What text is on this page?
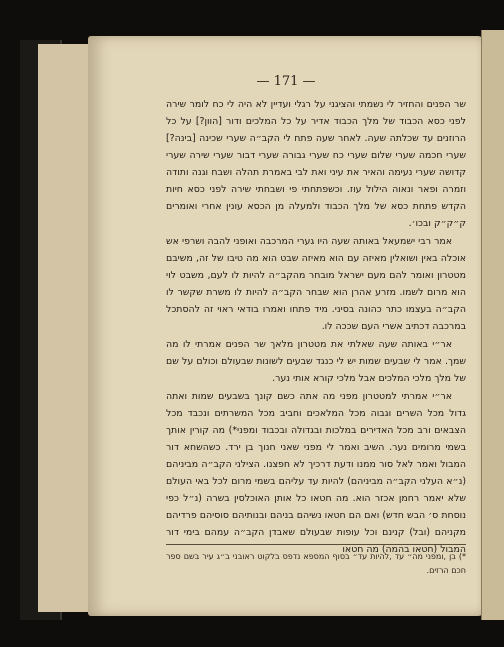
— 171 —

שר הפנים והחזיר לי נשמתי והציגני על רגלי ועדיין לא היה לי כח לומר שירה לפני כסא הכבוד של מלך הכבוד אדיר על כל המלכים ודור [הוון?] על כל הרוזנים עד שכלתה שעה. לאחר שעה פתח לי הקב״ה שערי שכינה [בינה?] שערי חכמה שערי שלום שערי כח שערי גבורה שערי דבור שערי שירה שערי קדושה שערי נעימה והאיר את עיני ואת לבי באמרת תהלה ושבח וגנה ותודה וזמרה ופאר ונאוה הילול עוז. וכשפתחתי פי ושבחתי שירה לפני כסא חיות הקדש פתחת כסא של מלך הכבוד ולמעלה מן הכסא עונין אחרי ואומרים ק״ק״ק ובכו׳.

אמר רבי ישמעאל באותה שעה היו גערי המרכבה ואופני להבה ושרפי אש אוכלה באין ושואלין מאיזה עם הוא מאיזה שבט הוא מה טיבו של זה, משיבם מטטרון ואומר להם מעם ישראל מובחר מהקב״ה להיות לו לעם, משבט לוי הוא מרום לשמו. מזרע אהרן הוא שבחר הקב״ה להיות לו משרת שקשר לו הקב״ה בעצמו כתר כהונה בסיני. מיד פתחו ואמרו בודאי ראוי זה להסתכל במרכבה דכתיב אשרי העם שככה לו.

אר״י באותה שעה שאלתי את מטטרון מלאך שר הפנים אמרתי לו מה שמך. אמר לי שבעים שמות יש לי כנגד שבעים לשונות שבעולם וכולם על שם של מלך מלכי המלכים אבל מלכי קורא אותי נער.

אר״י אמרתי למטטרון מפני מה אתה כשם קונך בשבעים שמות ואתה גדול מכל השרים וגבוה מכל המלאכים וחביב מכל המשרתים ונכבד מכל הצבאים ורב מכל האדירים במלכות ובגדולה ובכבוד ומפני*) מה קורין אותך בשמי מרומים נער. השיב ואמר לי מפני שאני חנוך בן ירד. כשהשחא דור המבול ואמר לאל סור ממנו ודעת דרכיך לא חפצנו. הצילני הקב״ה מביניהם (נ״א העלני הקב״ה מביניהם) להיות עד עליהם בשמי מרום לכל באי העולם שלא יאמר רחמן אכזר הוא. מה חטאו כל אותן האוכלסין בשרה (נ״ל כפי נוסחת ס׳ הבש חדש) ואם הם חטאו נשיהם בניהם ובנותיהם סוסיהם פרדיהם מקניהם (ובל) קנינם וכל עופות שבעולם שאבדן הקב״ה עמהם בימי דור המבול (חטאו בהמה) מה חטאו

*) בן ,ומפני מה״ עד ,להיות עד״ בסוף המספא נדפס בלקוט ראובני ב״ג עיר בשם ספר חכם הרזים.
